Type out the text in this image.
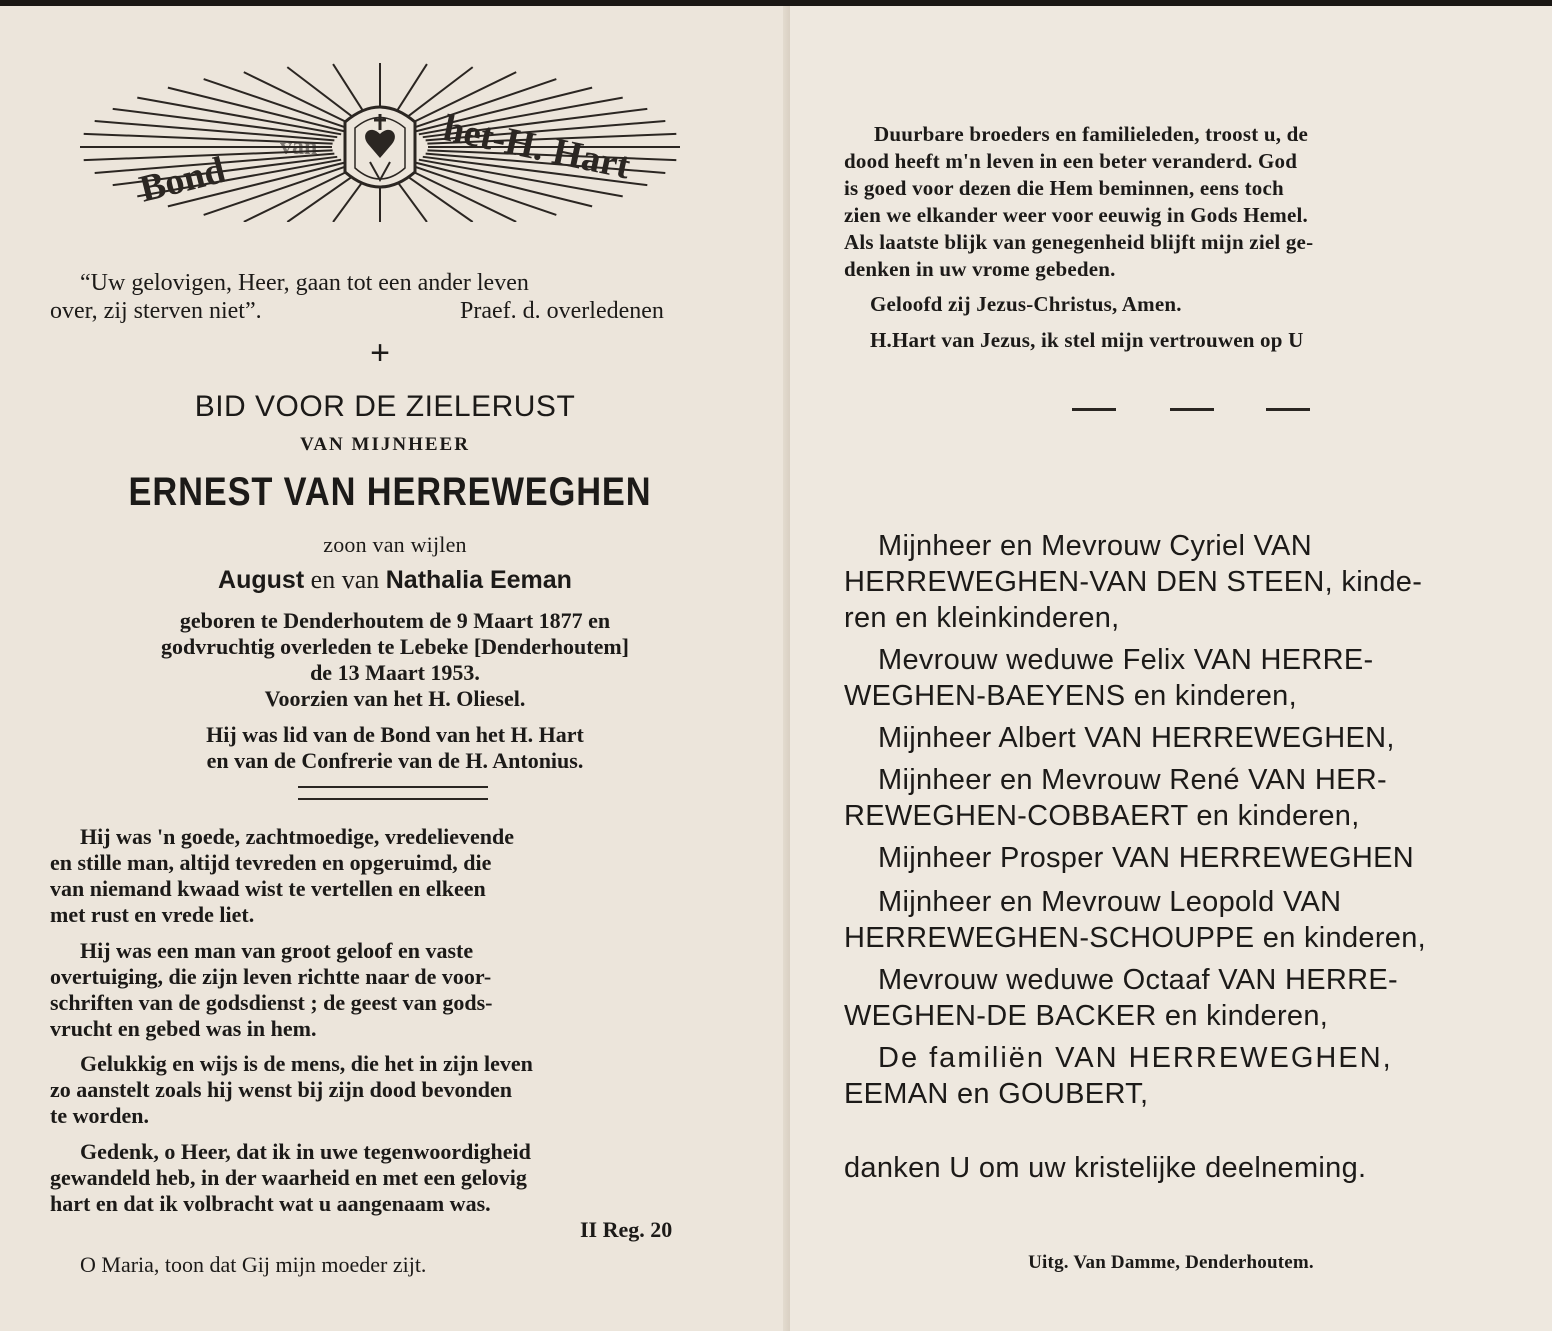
Bond
van	het-H. Hart

“Uw gelovigen, Heer, gaan tot een ander leven

over, zij sterven niet”.	Praef. d. overledenen

+

BID VOOR DE ZIELERUST

VAN MIJNHEER

ERNEST VAN HERREWEGHEN

zoon van wijlen

August en van Nathalia Eeman

geboren te Denderhoutem de 9 Maart 1877 en

godvruchtig overleden te Lebeke [Denderhoutem]

de 13 Maart 1953.

Voorzien van het H. Oliesel.

Hij was lid van de Bond van het H. Hart

en van de Confrerie van de H. Antonius.

Hij was 'n goede, zachtmoedige, vredelievende

en stille man, altijd tevreden en opgeruimd, die

van niemand kwaad wist te vertellen en elkeen

met rust en vrede liet.

Hij was een man van groot geloof en vaste

overtuiging, die zijn leven richtte naar de voor-

schriften van de godsdienst ; de geest van gods-

vrucht en gebed was in hem.

Gelukkig en wijs is de mens, die het in zijn leven

zo aanstelt zoals hij wenst bij zijn dood bevonden

te worden.

Gedenk, o Heer, dat ik in uwe tegenwoordigheid

gewandeld heb, in der waarheid en met een gelovig

hart en dat ik volbracht wat u aangenaam was.

II Reg. 20

O Maria, toon dat Gij mijn moeder zijt.

Duurbare broeders en familieleden, troost u, de

dood heeft m'n leven in een beter veranderd. God

is goed voor dezen die Hem beminnen, eens toch

zien we elkander weer voor eeuwig in Gods Hemel.

Als laatste blijk van genegenheid blijft mijn ziel ge-

denken in uw vrome gebeden.

Geloofd zij Jezus-Christus, Amen.

H.Hart van Jezus, ik stel mijn vertrouwen op U

Mijnheer en Mevrouw Cyriel VAN

HERREWEGHEN-VAN DEN STEEN, kinde-

ren en kleinkinderen,

Mevrouw weduwe Felix VAN HERRE-

WEGHEN-BAEYENS en kinderen,

Mijnheer Albert VAN HERREWEGHEN,

Mijnheer en Mevrouw René VAN HER-

REWEGHEN-COBBAERT en kinderen,

Mijnheer Prosper VAN HERREWEGHEN

Mijnheer en Mevrouw Leopold VAN

HERREWEGHEN-SCHOUPPE en kinderen,

Mevrouw weduwe Octaaf VAN HERRE-

WEGHEN-DE BACKER en kinderen,

De familiën VAN HERREWEGHEN,

EEMAN en GOUBERT,

danken U om uw kristelijke deelneming.

Uitg. Van Damme, Denderhoutem.
